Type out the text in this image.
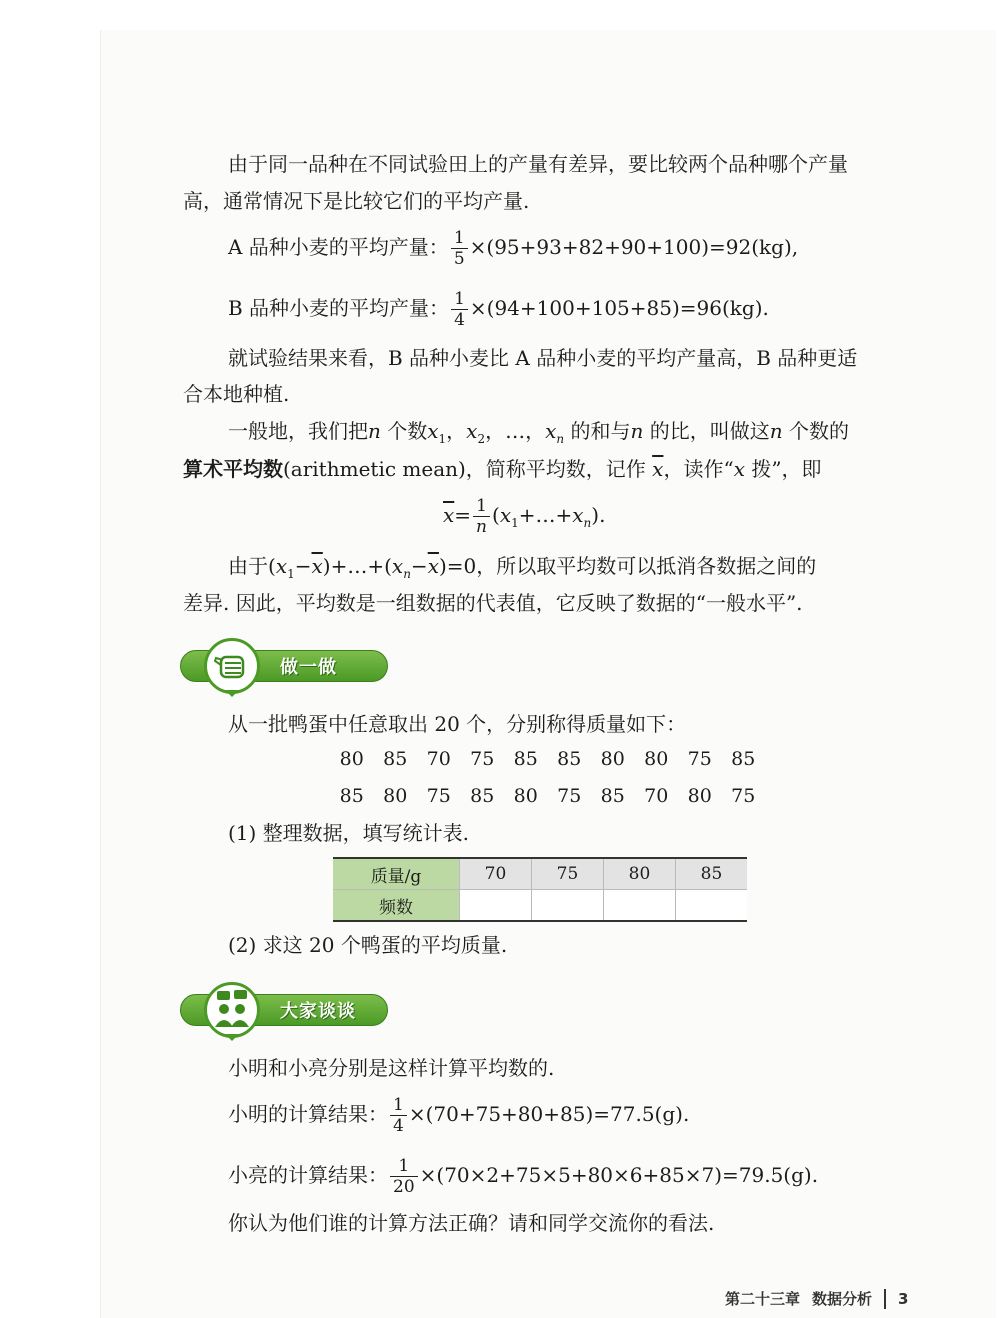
由于同一品种在不同试验田上的产量有差异，要比较两个品种哪个产量
高，通常情况下是比较它们的平均产量.
A 品种小麦的平均产量： $\frac{1}{5} \times(95+93+82+90+100)=92(kg)$,
B 品种小麦的平均产量： $\frac{1}{4} \times(94+100+105+85)=96(kg)$.
就试验结果来看，B 品种小麦比 A 品种小麦的平均产量高，B 品种更适
合本地种植.
一般地，我们把n 个数$x_1$，$x_2$，…，$x_n$ 的和与n 的比，叫做这n 个数的
算术平均数(arithmetic mean)，简称平均数，记作 $\overline{x}$，读作“x 拨”，即
$\overline{x}= \frac{1}{n}$ $(x_1+\dots+x_n)$.
由于$(x_1-\overline{x})+\dots+(x_n-\overline{x})=0$，所以取平均数可以抵消各数据之间的
差异. 因此，平均数是一组数据的代表值，它反映了数据的“一般水平”.
做一做
从一批鸭蛋中任意取出 20 个，分别称得质量如下：
80	85	70	75	85	85	80	80	75	85
85	80	75	85	80	75	85	70	80	75
(1) 整理数据，填写统计表.
质量/g	70	75	80	85
频数				
(2) 求这 20 个鸭蛋的平均质量.
大家谈谈
小明和小亮分别是这样计算平均数的.
小明的计算结果： $\frac{1}{4} \times(70+75+80+85)=77.5(g)$.
小亮的计算结果： $\frac{1}{20} \times(70\times 2+75\times 5+80\times 6+85\times 7)=79.5(g)$.
你认为他们谁的计算方法正确？请和同学交流你的看法.
第二十三章 数据分析 3
